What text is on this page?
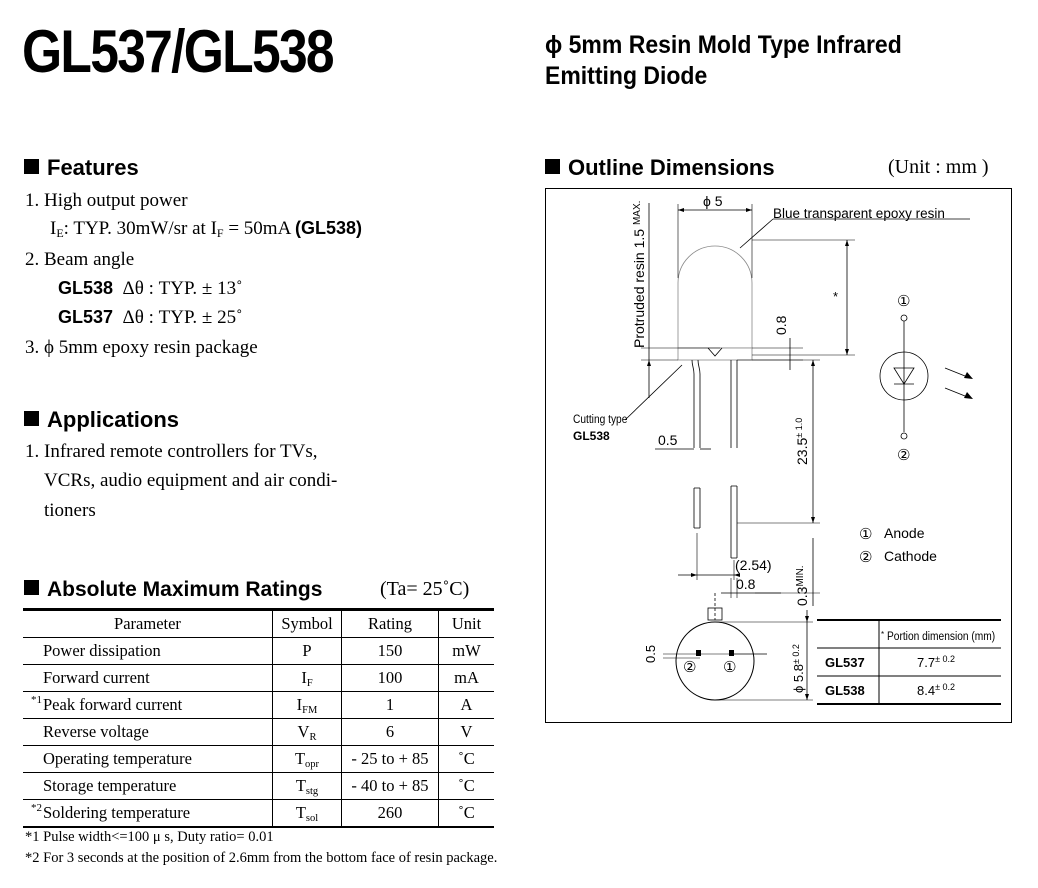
GL537/GL538	ϕ 5mm Resin Mold Type Infrared
Emitting Diode
Features
1. High output power
$I_E$: TYP. 30mW/sr at $I_F = 50mA$ (GL538)
2. Beam angle
GL538 Δθ : TYP. ± 13˚
GL537 Δθ : TYP. ± 25˚
3. ϕ 5mm epoxy resin package
Applications
1. Infrared remote controllers for TVs,
VCRs, audio equipment and air condi-
tioners
Absolute Maximum Ratings	(Ta= 25˚C)
Parameter	Symbol	Rating	Unit

Power dissipation	P	150	mW

Forward current	IF	100	mA

*1 Peak forward current	IFM	1	A

Reverse voltage	VR	6	V

Operating temperature	Topr	- 25 to + 85	˚C

Storage temperature	Tstg	- 40 to + 85	˚C

*2 Soldering temperature	Tsol	260	˚C
*1 Pulse width<=100 μ s, Duty ratio= 0.01
*2 For 3 seconds at the position of 2.6mm from the bottom face of resin package.
Outline Dimensions	(Unit : mm )
ϕ 5
Blue transparent epoxy resin
Protruded resin 1.5 $^{MAX.}$
*
0.8
Cutting type
GL538	0.5	$23.5^{\pm 1.0}$
(2.54)
0.8
$0.3^{MIN.}$
② ①
0.5
ϕ $5.8^{\pm 0.2}$
①
②
① Anode
② Cathode
* Portion dimension (mm)
GL537	$7.7^{\pm 0.2}$
GL538	$8.4^{\pm 0.2}$
